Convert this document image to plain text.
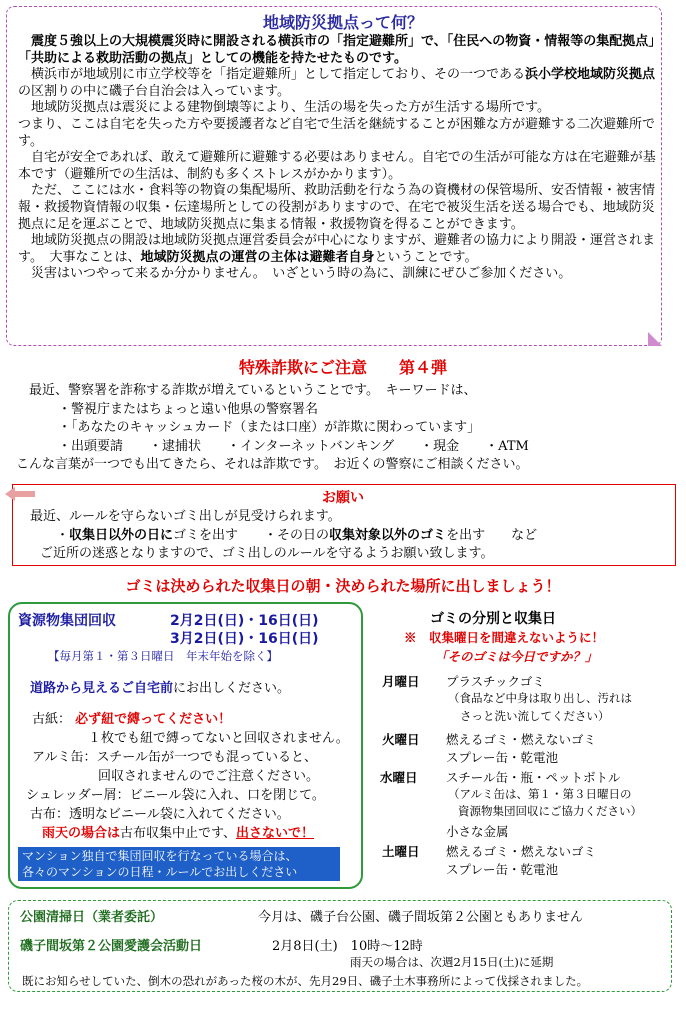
地域防災拠点って何？

震度５強以上の大規模震災時に開設される横浜市の「指定避難所」で、「住民への物資・情報等の集配拠点」「共助による救助活動の拠点」としての機能を持たせたものです。

横浜市が地域別に市立学校等を「指定避難所」として指定しており、その一つである浜小学校地域防災拠点の区割りの中に磯子台自治会は入っています。

地域防災拠点は震災による建物倒壊等により、生活の場を失った方が生活する場所です。

つまり、ここは自宅を失った方や要援護者など自宅で生活を継続することが困難な方が避難する二次避難所です。

自宅が安全であれば、敢えて避難所に避難する必要はありません。自宅での生活が可能な方は在宅避難が基本です（避難所での生活は、制約も多くストレスがかかります）。

ただ、ここには水・食料等の物資の集配場所、救助活動を行なう為の資機材の保管場所、安否情報・被害情報・救援物資情報の収集・伝達場所としての役割がありますので、在宅で被災生活を送る場合でも、地域防災拠点に足を運ぶことで、地域防災拠点に集まる情報・救援物資を得ることができます。

地域防災拠点の開設は地域防災拠点運営委員会が中心になりますが、避難者の協力により開設・運営されます。　大事なことは、地域防災拠点の運営の主体は避難者自身ということです。

災害はいつやって来るか分かりません。　いざという時の為に、訓練にぜひご参加ください。

特殊詐欺にご注意　　第４弾

最近、警察署を詐称する詐欺が増えているということです。　キーワードは、

・警視庁またはちょっと遠い他県の警察署名

・「あなたのキャッシュカード（または口座）が詐欺に関わっています」

・出頭要請　　・逮捕状　　・インターネットバンキング　　・現金　　・ATM

こんな言葉が一つでも出てきたら、それは詐欺です。　お近くの警察にご相談ください。

お願い

最近、ルールを守らないゴミ出しが見受けられます。

・収集日以外の日にゴミを出す　　・その日の収集対象以外のゴミを出す　　など

ご近所の迷惑となりますので、ゴミ出しのルールを守るようお願い致します。

ゴミは決められた収集日の朝・決められた場所に出しましょう！
資源物集団回収	2月2日(日)・16日(日)
3月2日(日)・16日(日)
【毎月第１・第３日曜日　年末年始を除く】
道路から見えるご自宅前にお出しください。
古紙： 必ず紐で縛ってください！
１枚でも紐で縛ってないと回収されません。
アルミ缶：スチール缶が一つでも混っていると、
回収されませんのでご注意ください。
シュレッダー屑：ビニール袋に入れ、口を閉じて。
古布：透明なビニール袋に入れてください。
雨天の場合は古布収集中止です、出さないで！
マンション独自で集団回収を行なっている場合は、
各々のマンションの日程・ルールでお出しください
ゴミの分別と収集日
※　収集曜日を間違えないように！
「そのゴミは今日ですか？」
月曜日 プラスチックゴミ
（食品など中身は取り出し、汚れは
さっと洗い流してください）
火曜日 燃えるゴミ・燃えないゴミ
スプレー缶・乾電池
水曜日 スチール缶・瓶・ペットボトル
（アルミ缶は、第１・第３日曜日の
資源物集団回収にご協力ください）
小さな金属
土曜日 燃えるゴミ・燃えないゴミ
スプレー缶・乾電池
公園清掃日（業者委託）	今月は、磯子台公園、磯子間坂第２公園ともありません
磯子間坂第２公園愛護会活動日	2月8日(土)　10時～12時
雨天の場合は、次週2月15日(土)に延期
既にお知らせしていた、倒木の恐れがあった桜の木が、先月29日、磯子土木事務所によって伐採されました。
